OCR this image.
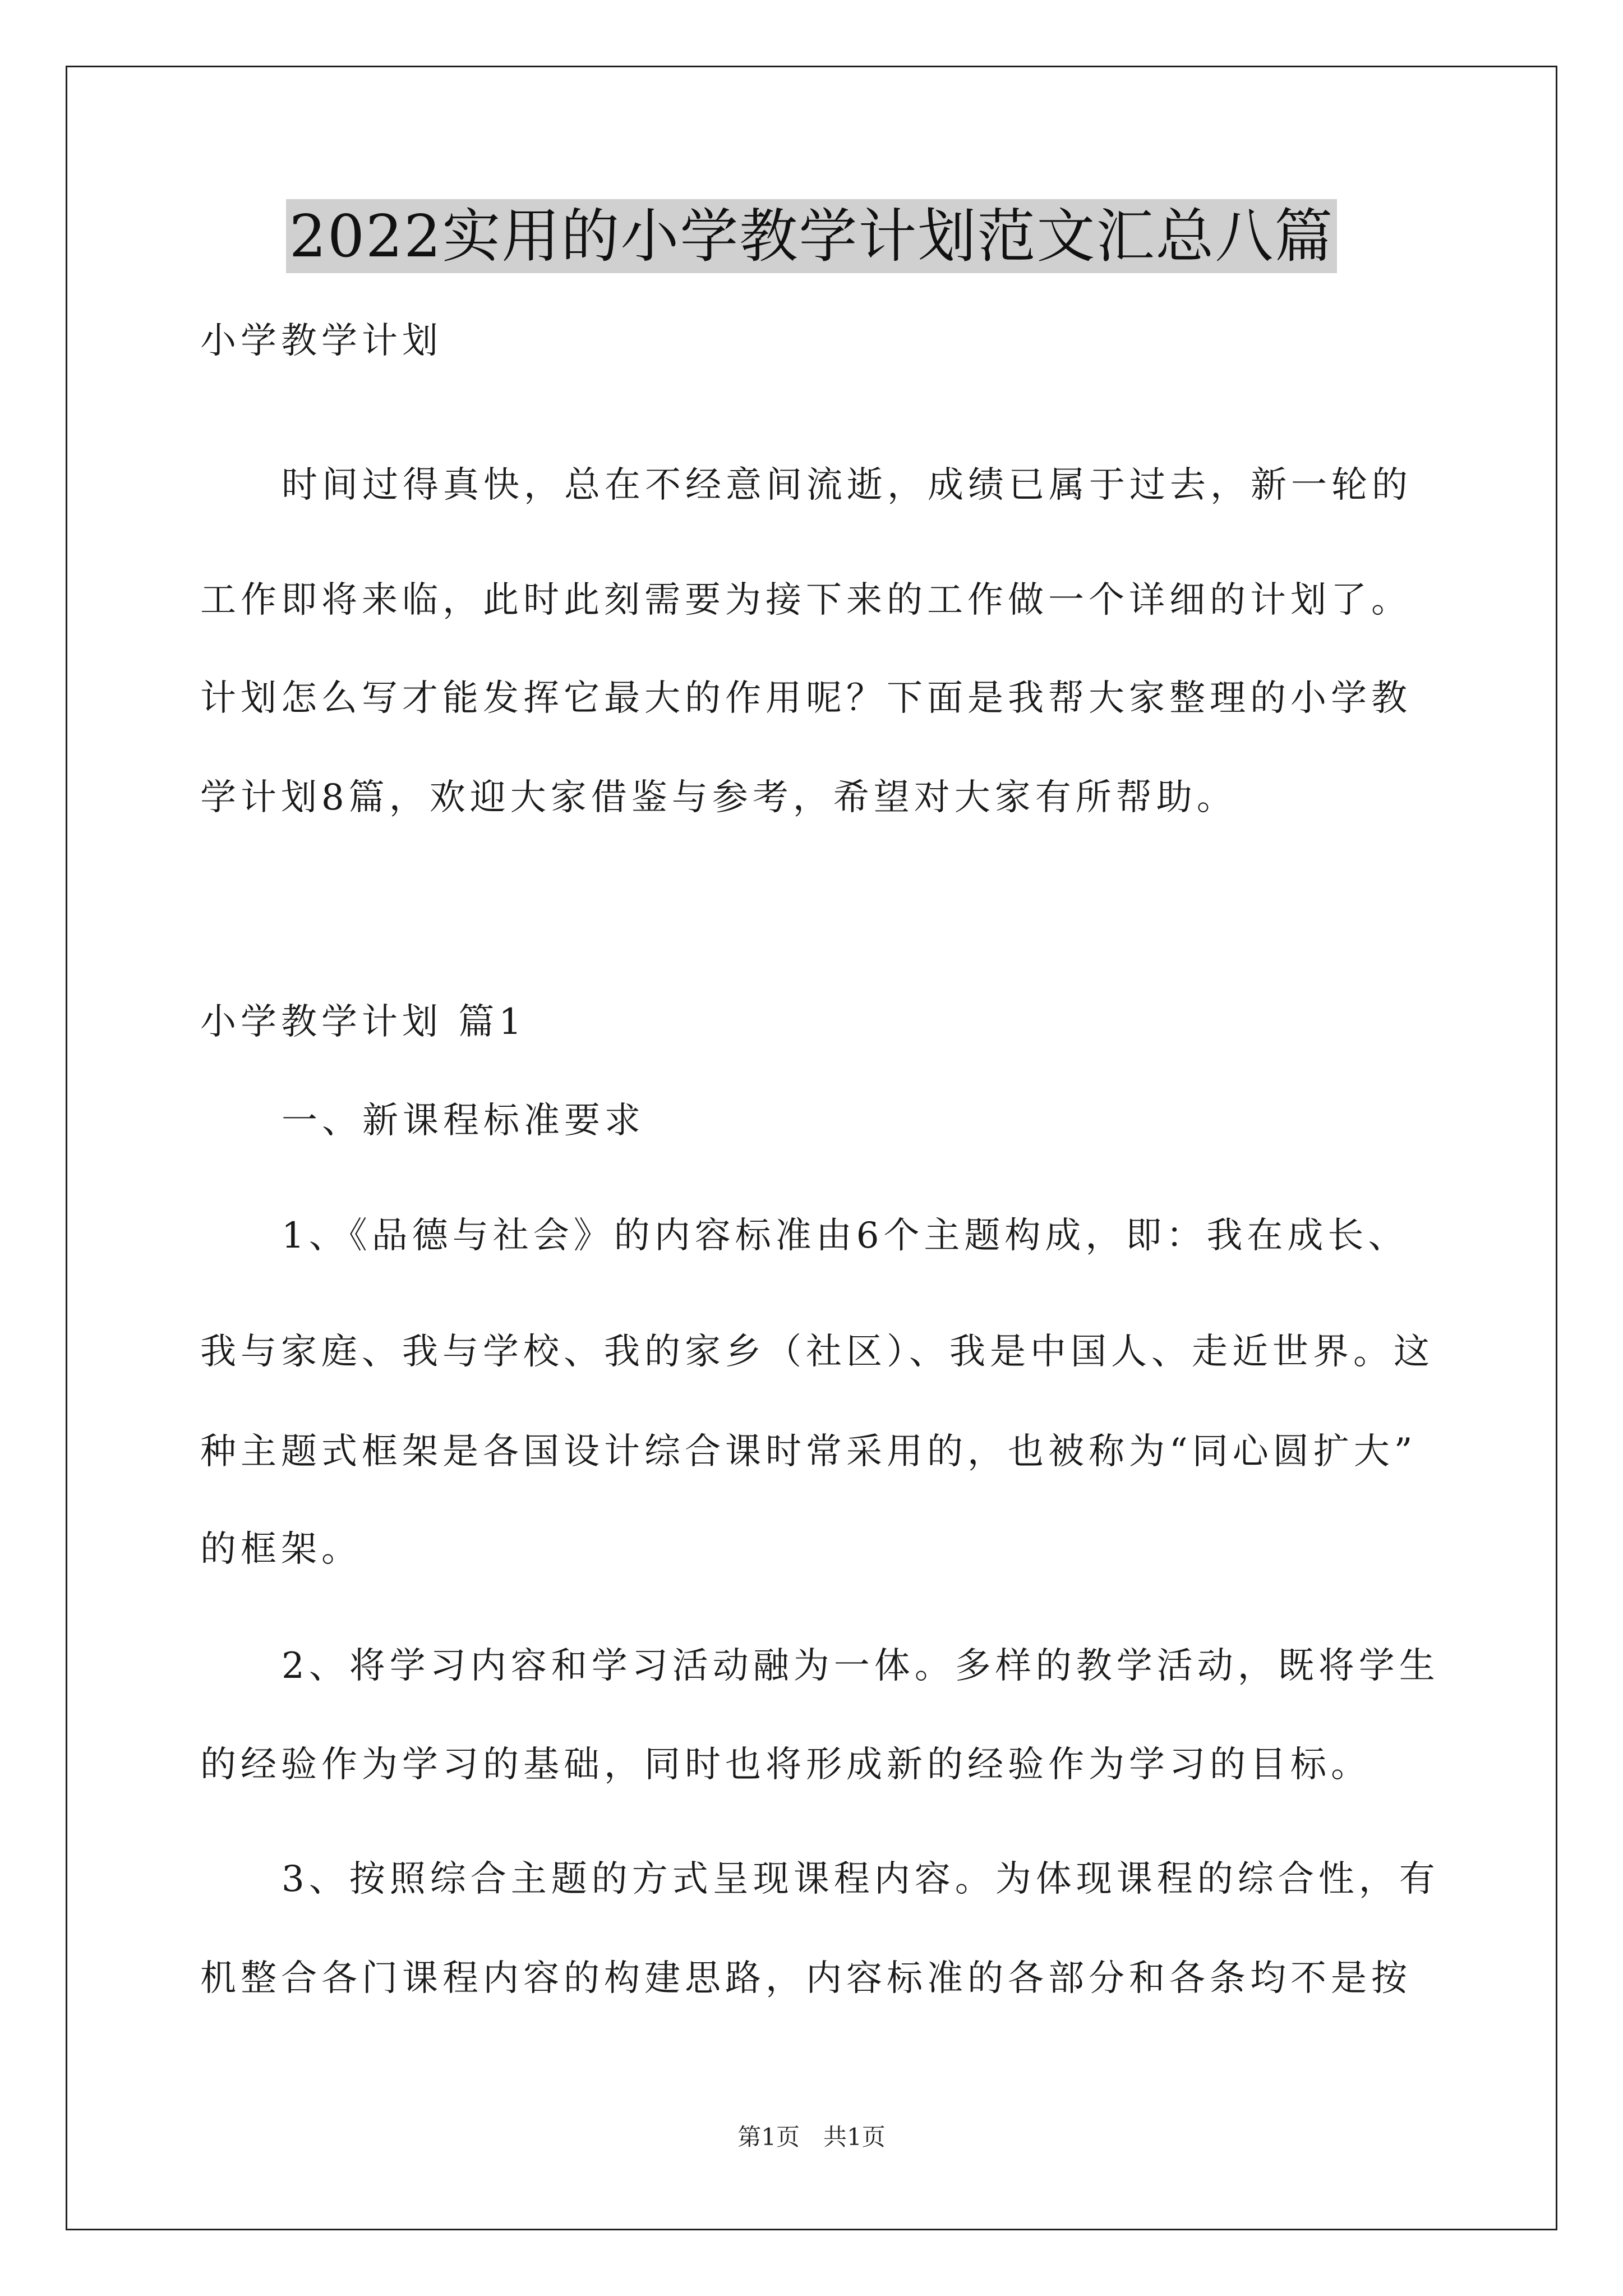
2022实用的小学教学计划范文汇总八篇
小学教学计划
时间过得真快，总在不经意间流逝，成绩已属于过去，新一轮的
工作即将来临，此时此刻需要为接下来的工作做一个详细的计划了。
计划怎么写才能发挥它最大的作用呢？下面是我帮大家整理的小学教
学计划8篇，欢迎大家借鉴与参考，希望对大家有所帮助。
小学教学计划 篇1
一、新课程标准要求
1、《品德与社会》的内容标准由6个主题构成，即：我在成长、
我与家庭、我与学校、我的家乡（社区）、我是中国人、走近世界。这
种主题式框架是各国设计综合课时常采用的，也被称为“同心圆扩大”
的框架。
2、将学习内容和学习活动融为一体。多样的教学活动，既将学生
的经验作为学习的基础，同时也将形成新的经验作为学习的目标。
3、按照综合主题的方式呈现课程内容。为体现课程的综合性，有
机整合各门课程内容的构建思路，内容标准的各部分和各条均不是按
第1页　共1页
